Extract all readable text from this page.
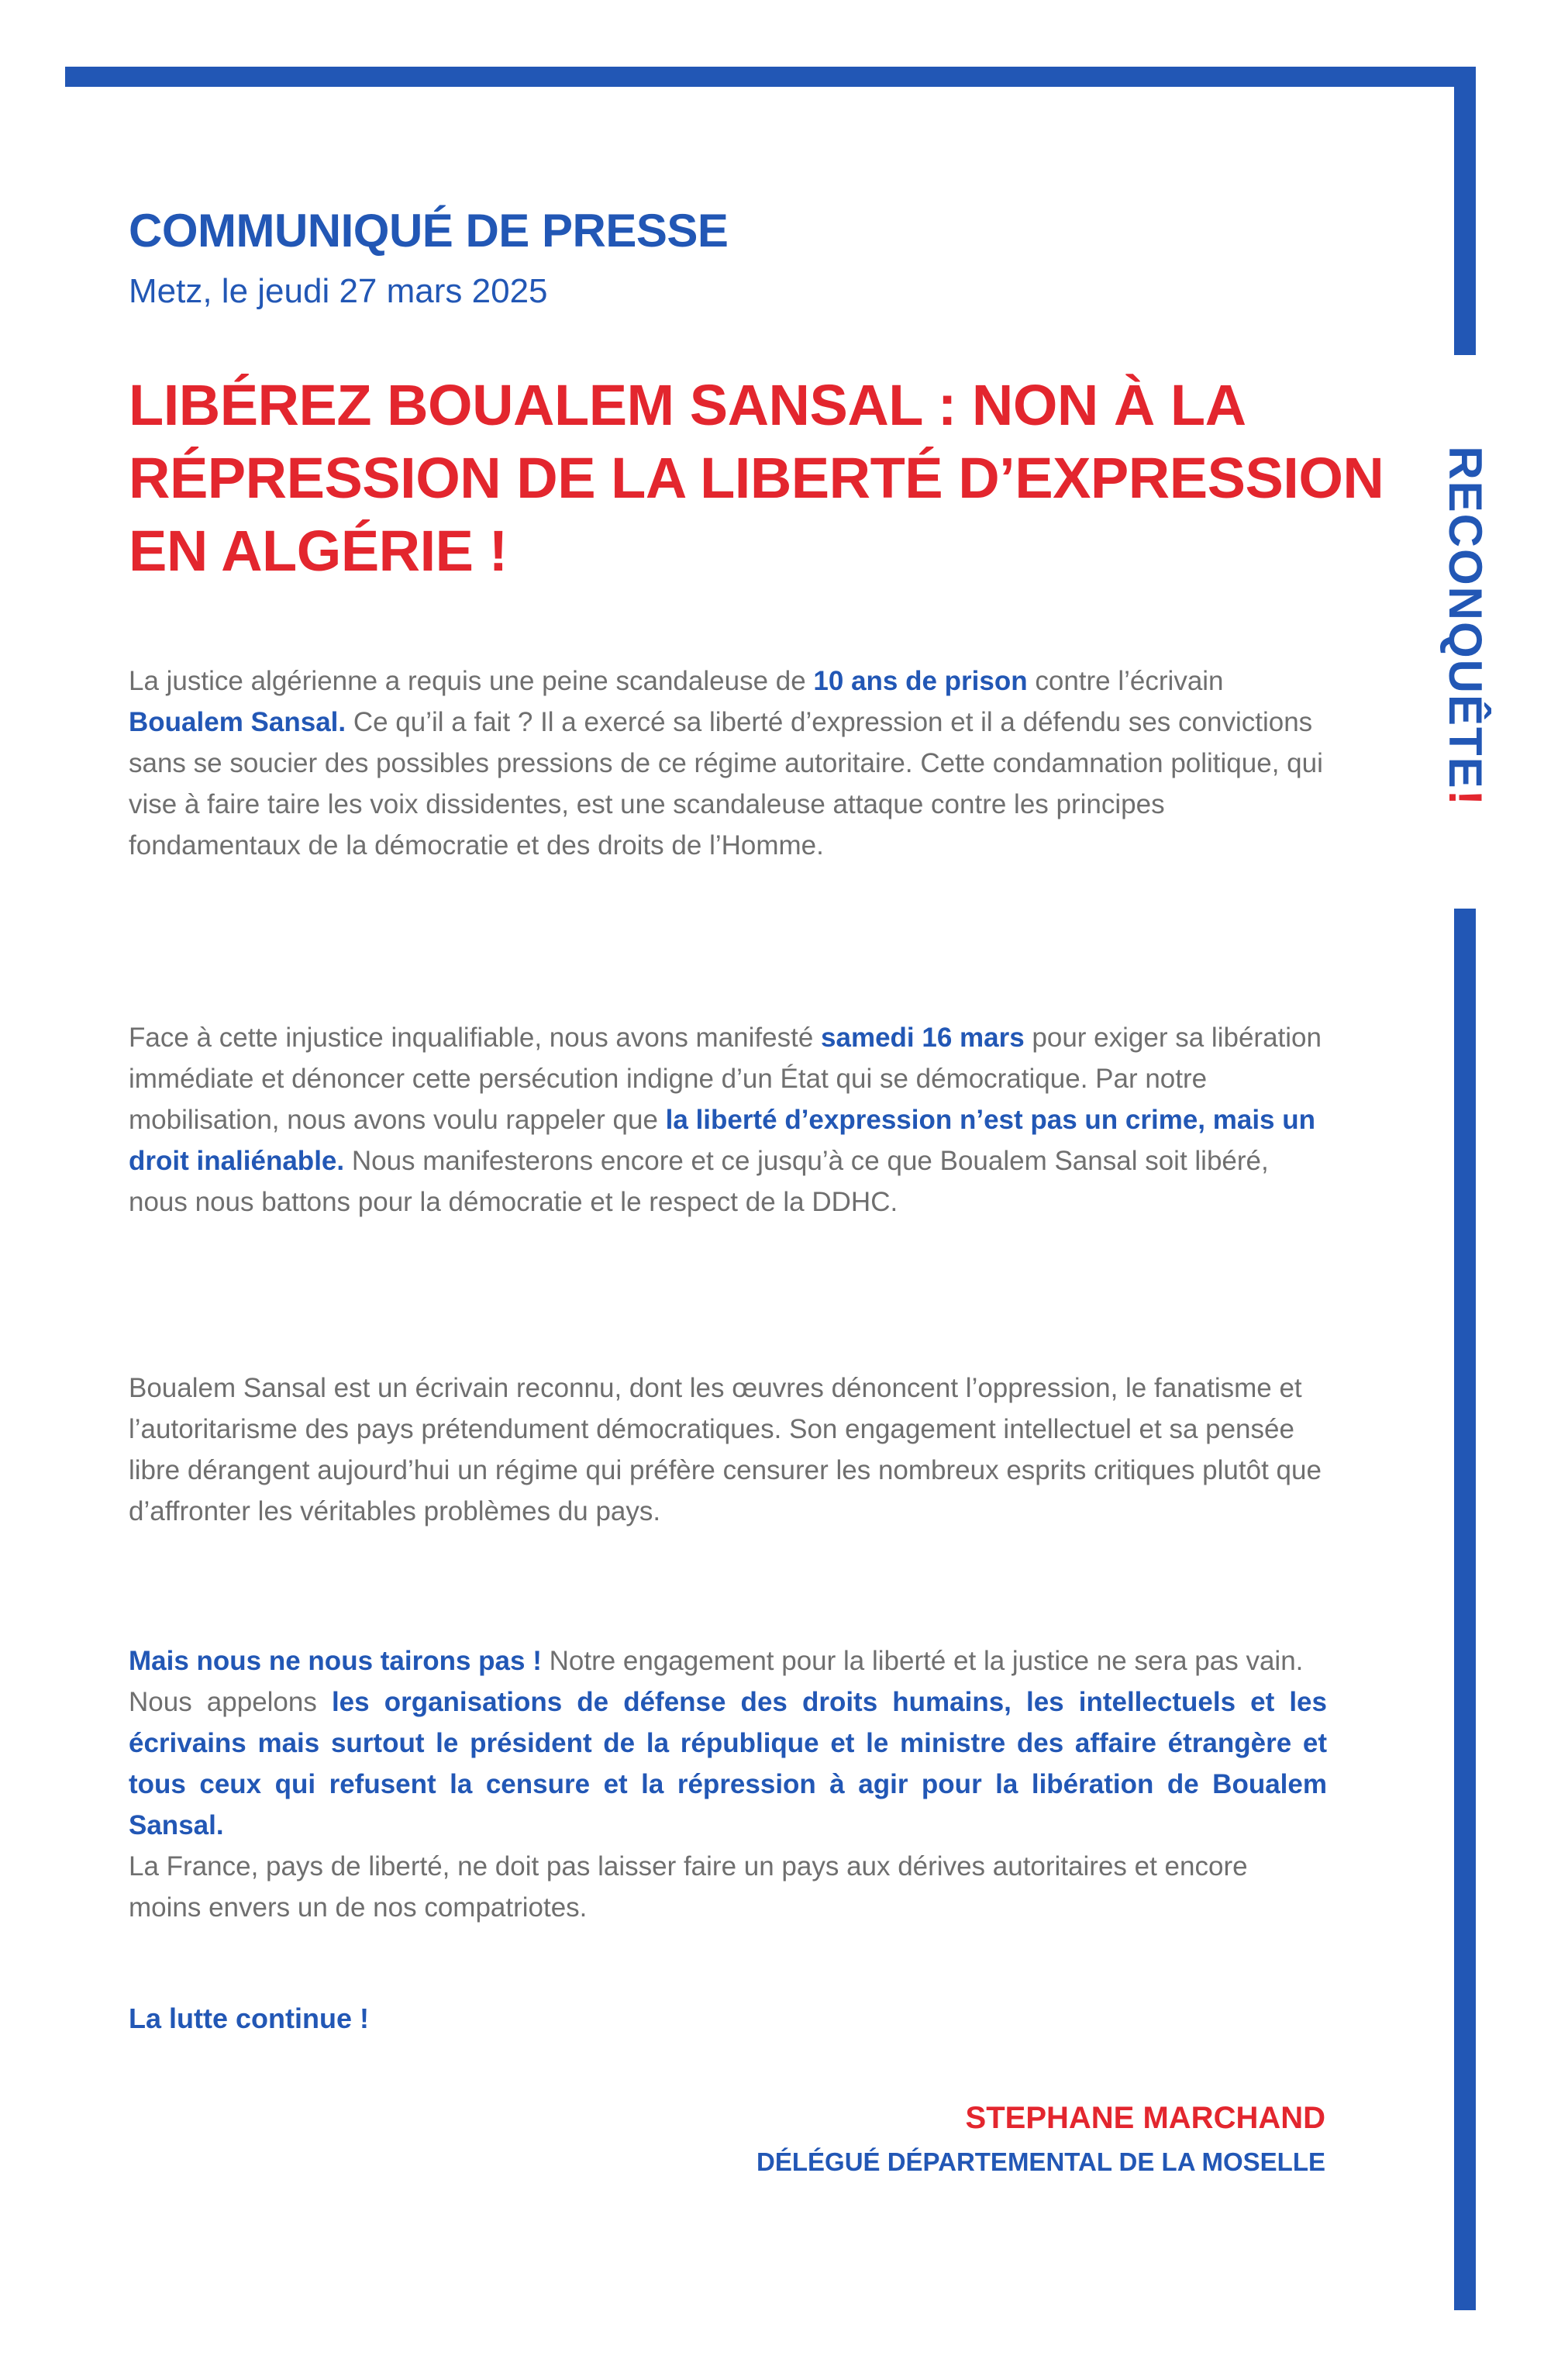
RECONQUÊTE!
COMMUNIQUÉ DE PRESSE
Metz, le jeudi 27 mars 2025
LIBÉREZ BOUALEM SANSAL : NON À LA RÉPRESSION DE LA LIBERTÉ D’EXPRESSION EN ALGÉRIE !
La justice algérienne a requis une peine scandaleuse de 10 ans de prison contre l’écrivain Boualem Sansal. Ce qu’il a fait ? Il a exercé sa liberté d’expression et il a défendu ses convictions sans se soucier des possibles pressions de ce régime autoritaire. Cette condamnation politique, qui vise à faire taire les voix dissidentes, est une scandaleuse attaque contre les principes fondamentaux de la démocratie et des droits de l’Homme.
Face à cette injustice inqualifiable, nous avons manifesté samedi 16 mars pour exiger sa libération immédiate et dénoncer cette persécution indigne d’un État qui se démocratique. Par notre mobilisation, nous avons voulu rappeler que la liberté d’expression n’est pas un crime, mais un droit inaliénable. Nous manifesterons encore et ce jusqu’à ce que Boualem Sansal soit libéré, nous nous battons pour la démocratie et le respect de la DDHC.
Boualem Sansal est un écrivain reconnu, dont les œuvres dénoncent l’oppression, le fanatisme et l’autoritarisme des pays prétendument démocratiques. Son engagement intellectuel et sa pensée libre dérangent aujourd’hui un régime qui préfère censurer les nombreux esprits critiques plutôt que d’affronter les véritables problèmes du pays.
Mais nous ne nous tairons pas ! Notre engagement pour la liberté et la justice ne sera pas vain.
Nous appelons les organisations de défense des droits humains, les intellectuels et les écrivains mais surtout le président de la république et le ministre des affaire étrangère et tous ceux qui refusent la censure et la répression à agir pour la libération de Boualem Sansal.
La France, pays de liberté, ne doit pas laisser faire un pays aux dérives autoritaires et encore moins envers un de nos compatriotes.
La lutte continue !
STEPHANE MARCHAND
DÉLÉGUÉ DÉPARTEMENTAL DE LA MOSELLE
